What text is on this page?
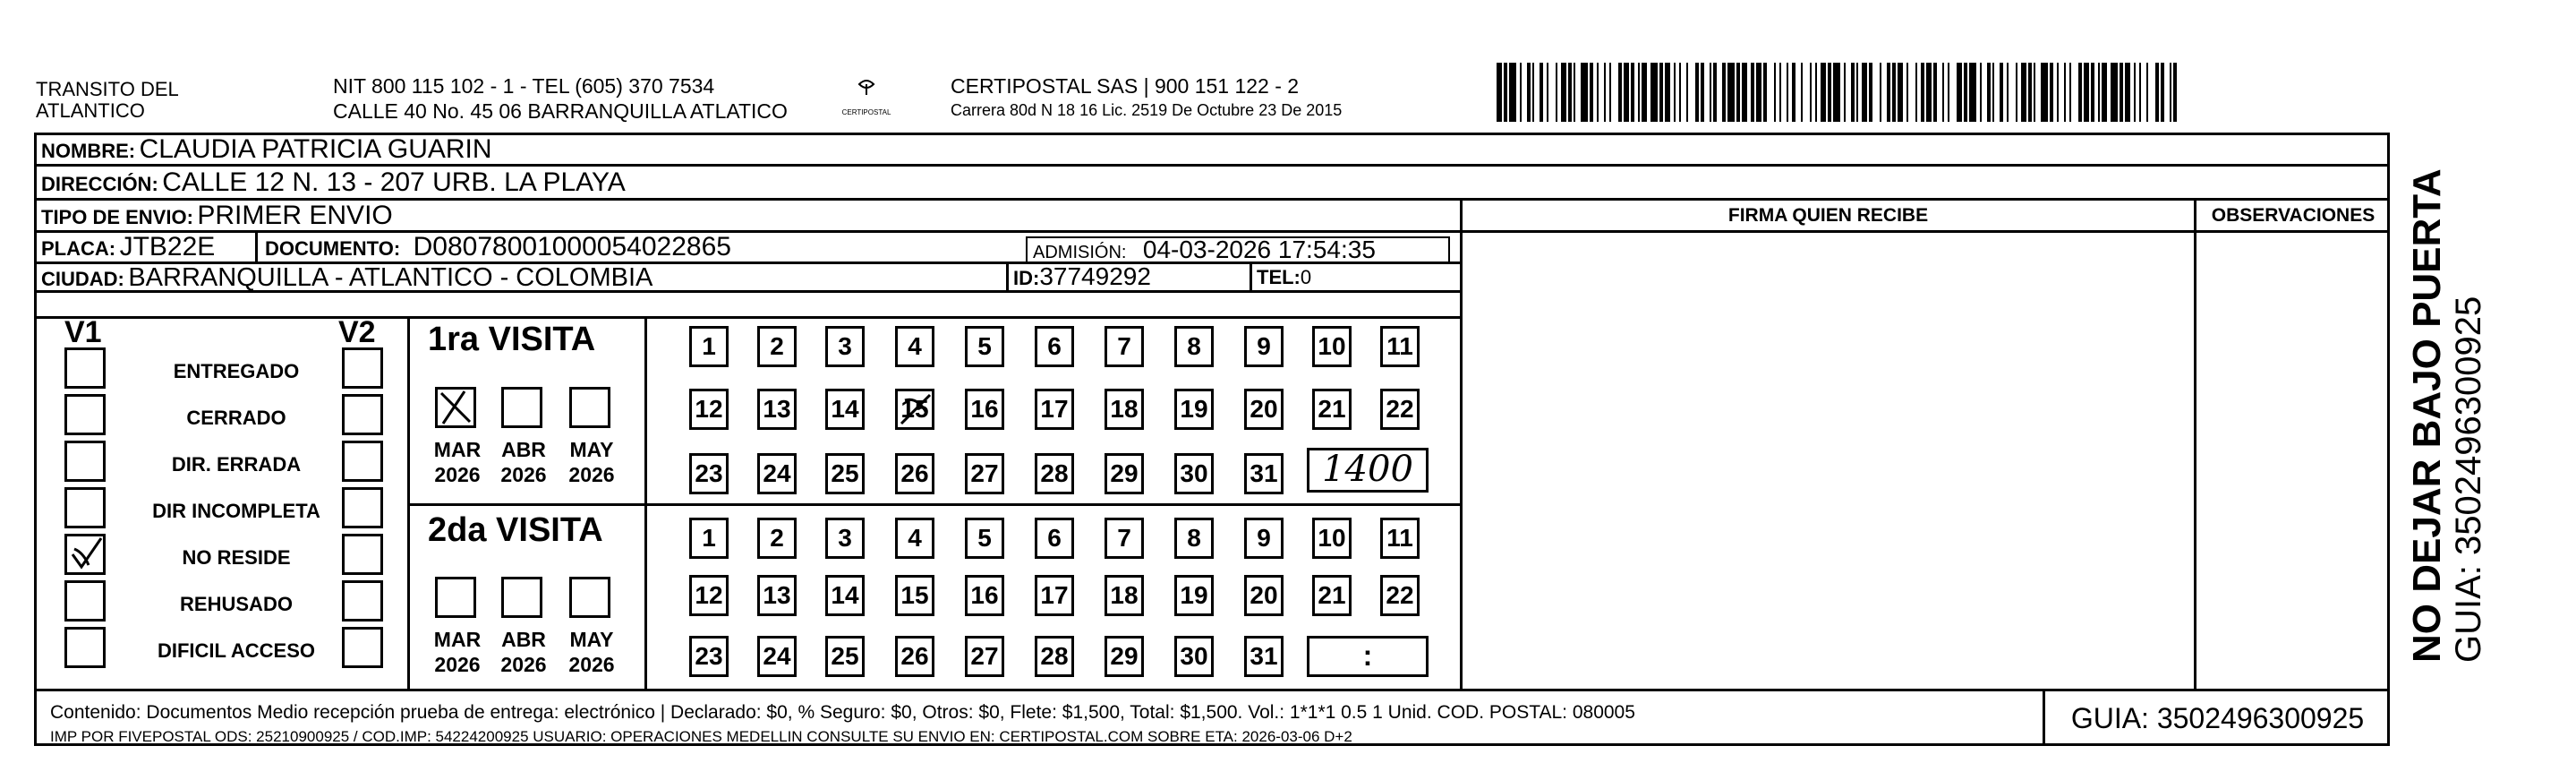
TRANSITO DEL
ATLANTICO
NIT 800 115 102 - 1 - TEL (605) 370 7534
CALLE 40 No. 45 06 BARRANQUILLA ATLATICO	CERTIPOSTAL
CERTIPOSTAL SAS | 900 151 122 - 2
Carrera 80d N 18 16 Lic. 2519 De Octubre 23 De 2015
NOMBRE: CLAUDIA PATRICIA GUARIN
DIRECCIÓN: CALLE 12 N. 13 - 207 URB. LA PLAYA
TIPO DE ENVIO: PRIMER ENVIO
PLACA: JTB22E	DOCUMENTO: D08078001000054022865	ADMISIÓN: 04-03-2026 17:54:35
CIUDAD: BARRANQUILLA - ATLANTICO - COLOMBIA	ID:37749292	TEL:0
FIRMA QUIEN RECIBE	OBSERVACIONES
V1	V2
ENTREGADO
CERRADO
DIR. ERRADA
DIR INCOMPLETA
NO RESIDE
REHUSADO
DIFICIL ACCESO
1ra VISITA
2da VISITA
MAR
2026
ABR
2026
MAY
2026
MAR
2026
ABR
2026
MAY
2026
1	2	3	4	5	6	7	8	9	10 11
12 13 14 15 16 17 18 19 20 21 22
23 24 25 26 27 28 29 30 31
1	2	3	4	5	6	7	8	9	10 11
12 13 14 15 16 17 18 19 20 21 22
23 24 25 26 27 28 29 30 31
1400
:
Contenido: Documentos Medio recepción prueba de entrega: electrónico | Declarado: $0, % Seguro: $0, Otros: $0, Flete: $1,500, Total: $1,500. Vol.: 1*1*1 0.5 1 Unid. COD. POSTAL: 080005
IMP POR FIVEPOSTAL ODS: 25210900925 / COD.IMP: 54224200925 USUARIO: OPERACIONES MEDELLIN CONSULTE SU ENVIO EN: CERTIPOSTAL.COM SOBRE ETA: 2026-03-06 D+2
GUIA: 3502496300925
NO DEJAR BAJO PUERTA GUIA: 3502496300925
